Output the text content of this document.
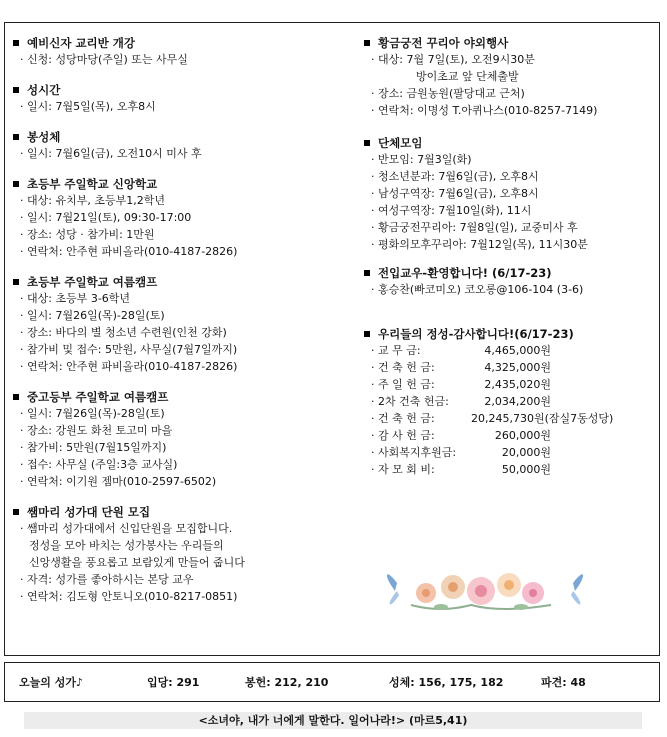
예비신자 교리반 개강
· 신청: 성당마당(주일) 또는 사무실
성시간
· 일시: 7월5일(목), 오후8시
봉성체
· 일시: 7월6일(금), 오전10시 미사 후
초등부 주일학교 신앙학교
· 대상: 유치부, 초등부1,2학년
· 일시: 7월21일(토), 09:30-17:00
· 장소: 성당 · 참가비: 1만원
· 연락처: 안주현 파비올라(010-4187-2826)
초등부 주일학교 여름캠프
· 대상: 초등부 3-6학년
· 일시: 7월26일(목)-28일(토)
· 장소: 바다의 별 청소년 수련원(인천 강화)
· 참가비 및 접수: 5만원, 사무실(7월7일까지)
· 연락처: 안주현 파비올라(010-4187-2826)
중고등부 주일학교 여름캠프
· 일시: 7월26일(목)-28일(토)
· 장소: 강원도 화천 토고미 마을
· 참가비: 5만원(7월15일까지)
· 접수: 사무실 (주일:3층 교사실)
· 연락처: 이기원 젬마(010-2597-6502)
쌤마리 성가대 단원 모집
· 쌤마리 성가대에서 신입단원을 모집합니다.
정성을 모아 바치는 성가봉사는 우리들의
신앙생활을 풍요롭고 보람있게 만들어 줍니다
· 자격: 성가를 좋아하시는 본당 교우
· 연락처: 김도형 안토니오(010-8217-0851)
황금궁전 꾸리아 야외행사
· 대상: 7월 7일(토), 오전9시30분
방이초교 앞 단체출발
· 장소: 금원농원(팔당대교 근처)
· 연락처: 이명성 T.아퀴나스(010-8257-7149)
단체모임
· 반모임: 7월3일(화)
· 청소년분과: 7월6일(금), 오후8시
· 남성구역장: 7월6일(금), 오후8시
· 여성구역장: 7월10일(화), 11시
· 황금궁전꾸리아: 7월8일(일), 교중미사 후
· 평화의모후꾸리아: 7월12일(목), 11시30분
전입교우-환영합니다! (6/17-23)
· 홍승찬(빠코미오) 코오롱@106-104 (3-6)
우리들의 정성-감사합니다!(6/17-23)
· 교 무 금:	4,465,000원
· 건 축 헌 금:	4,325,000원
· 주 일 헌 금:	2,435,020원
· 2차 건축 헌금:	2,034,200원
· 건 축 헌 금:	20,245,730원(잠실7동성당)
· 감 사 헌 금:	260,000원
· 사회복지후원금:	20,000원
· 자 모 회 비:	50,000원
오늘의 성가♪	입당: 291	봉헌: 212, 210	성체: 156, 175, 182	파견: 48
<소녀야, 내가 너에게 말한다. 일어나라!> (마르5,41)
